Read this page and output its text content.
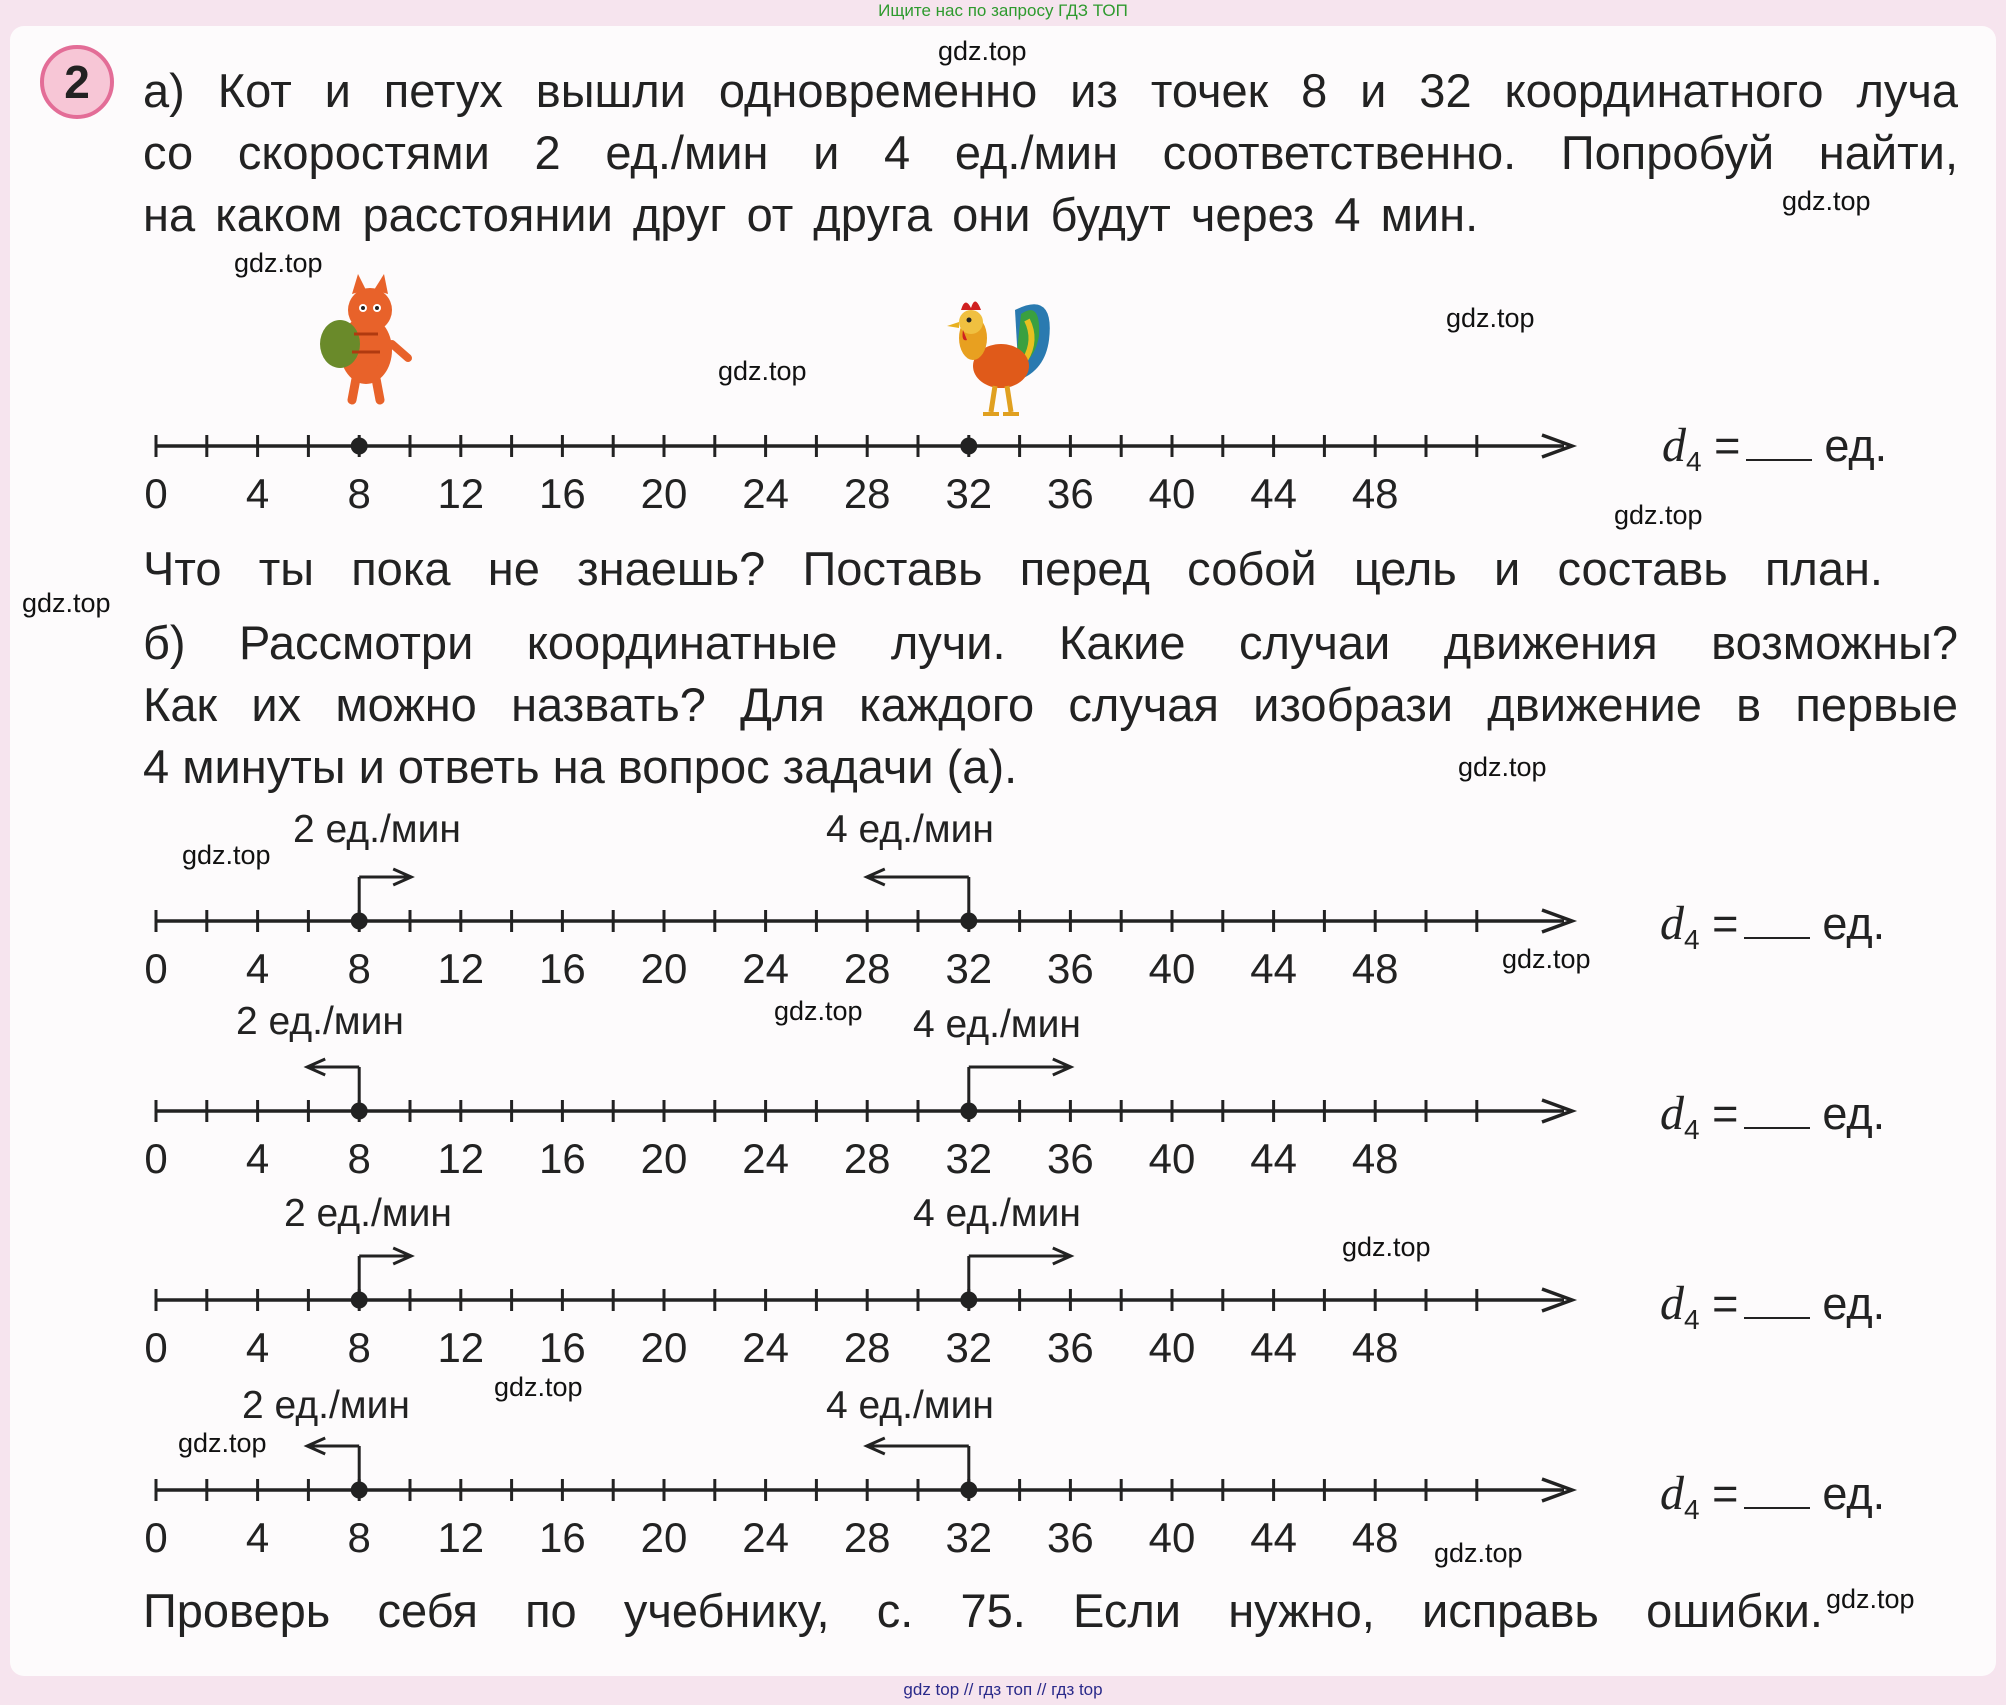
Ищите нас по запросу ГДЗ ТОП
2	а) Кот и петух вышли одновременно из точек 8 и 32 координатного луча
со скоростями 2 ед./мин и 4 ед./мин соответственно. Попробуй найти,
на каком расстоянии друг от друга они будут через 4 мин.
Что ты пока не знаешь? Поставь перед собой цель и составь план.
б) Рассмотри координатные лучи. Какие случаи движения возможны?
Как их можно назвать? Для каждого случая изобрази движение в первые
4 минуты и ответь на вопрос задачи (а).
Проверь себя по учебнику, с. 75. Если нужно, исправь ошибки.
2 ед./мин	4 ед./мин
2 ед./мин	4 ед./мин
2 ед./мин	4 ед./мин
2 ед./мин	4 ед./мин
$d_4$ = ед.
$d_4$ = ед.
$d_4$ = ед.
$d_4$ = ед.
$d_4$ = ед.
0 4 8 12 16 20 24 28 32 36 40 44 48
0 4 8 12 16 20 24 28 32 36 40 44 48
0 4 8 12 16 20 24 28 32 36 40 44 48
0 4 8 12 16 20 24 28 32 36 40 44 48
0 4 8 12 16 20 24 28 32 36 40 44 48
gdz.top
gdz.top
gdz.top
gdz.top
gdz.top
gdz.top
gdz.top
gdz.top
gdz.top
gdz.top
gdz.top
gdz.top
gdz.top
gdz.top
gdz.top
gdz.top
gdz top // гдз топ // гдз top
